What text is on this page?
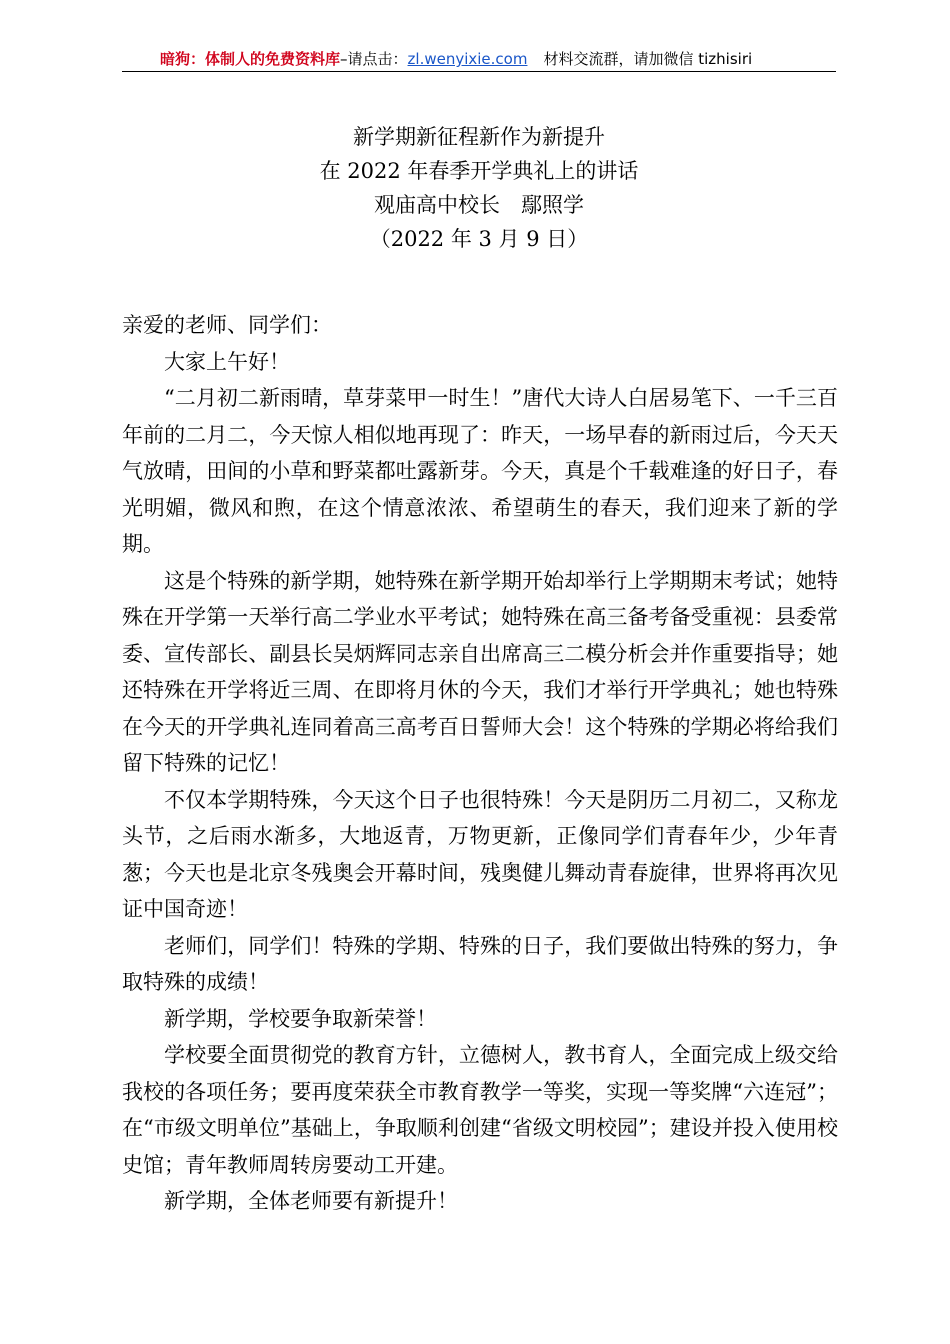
暗狗：体制人的免费资料库–请点击：zl.wenyixie.com 材料交流群，请加微信 tizhisiri
新学期新征程新作为新提升
在 2022 年春季开学典礼上的讲话
观庙高中校长　鄢照学
（2022 年 3 月 9 日）

亲爱的老师、同学们：

大家上午好！

“二月初二新雨晴，草芽菜甲一时生！”唐代大诗人白居易笔下、一千三百年前的二月二，今天惊人相似地再现了：昨天，一场早春的新雨过后，今天天气放晴，田间的小草和野菜都吐露新芽。今天，真是个千载难逢的好日子，春光明媚，微风和煦，在这个情意浓浓、希望萌生的春天，我们迎来了新的学期。

这是个特殊的新学期，她特殊在新学期开始却举行上学期期末考试；她特殊在开学第一天举行高二学业水平考试；她特殊在高三备考备受重视：县委常委、宣传部长、副县长吴炳辉同志亲自出席高三二模分析会并作重要指导；她还特殊在开学将近三周、在即将月休的今天，我们才举行开学典礼；她也特殊在今天的开学典礼连同着高三高考百日誓师大会！这个特殊的学期必将给我们留下特殊的记忆！

不仅本学期特殊，今天这个日子也很特殊！今天是阴历二月初二，又称龙头节，之后雨水渐多，大地返青，万物更新，正像同学们青春年少，少年青葱；今天也是北京冬残奥会开幕时间，残奥健儿舞动青春旋律，世界将再次见证中国奇迹！

老师们，同学们！特殊的学期、特殊的日子，我们要做出特殊的努力，争取特殊的成绩！

新学期，学校要争取新荣誉！

学校要全面贯彻党的教育方针，立德树人，教书育人，全面完成上级交给我校的各项任务；要再度荣获全市教育教学一等奖，实现一等奖牌“六连冠”；在“市级文明单位”基础上，争取顺利创建“省级文明校园”；建设并投入使用校史馆；青年教师周转房要动工开建。

新学期，全体老师要有新提升！
